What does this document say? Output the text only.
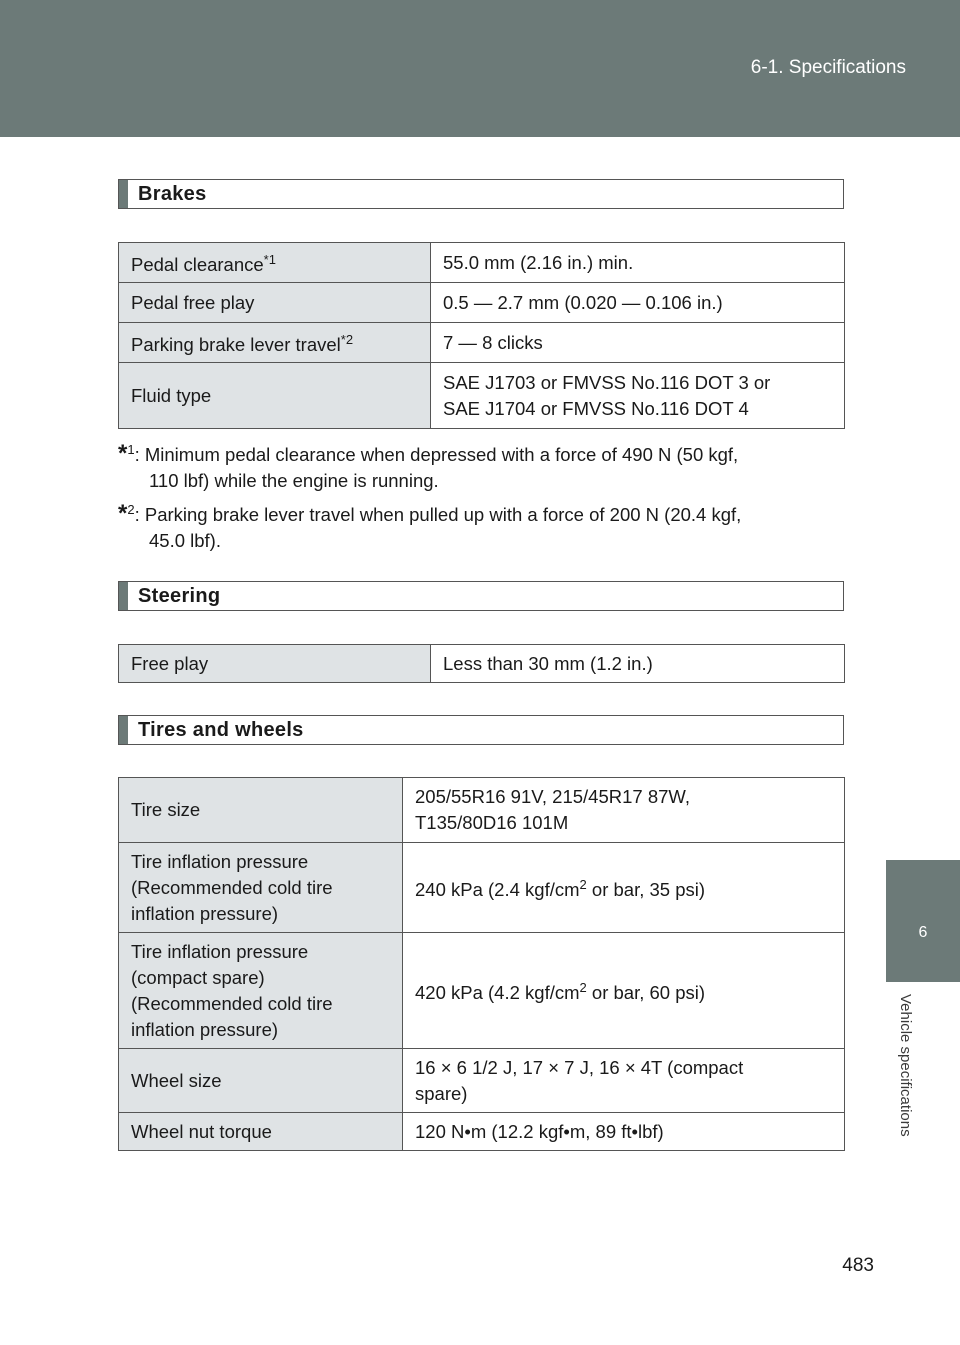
6-1. Specifications
6
Vehicle specifications
Brakes
Pedal clearance$^{*1}$	55.0 mm (2.16 in.) min.
Pedal free play	0.5 — 2.7 mm (0.020 — 0.106 in.)
Parking brake lever travel$^{*2}$	7 — 8 clicks
Fluid type	SAE J1703 or FMVSS No.116 DOT 3 or
SAE J1704 or FMVSS No.116 DOT 4
*$^1$: Minimum pedal clearance when depressed with a force of 490 N (50 kgf,
110 lbf) while the engine is running.
*$^2$: Parking brake lever travel when pulled up with a force of 200 N (20.4 kgf,
45.0 lbf).
Steering
Free play	Less than 30 mm (1.2 in.)
Tires and wheels
Tire size	205/55R16 91V, 215/45R17 87W,
T135/80D16 101M

Tire inflation pressure
(Recommended cold tire
inflation pressure)	240 kPa (2.4 kgf/$cm^2$ or bar, 35 psi)

Tire inflation pressure
(compact spare)
(Recommended cold tire
inflation pressure)	420 kPa (4.2 kgf/$cm^2$ or bar, 60 psi)
Wheel size	16 × 6 1/2 J, 17 × 7 J, 16 × 4T (compact
spare)

Wheel nut torque	120 N•m (12.2 kgf•m, 89 ft•lbf)
483
